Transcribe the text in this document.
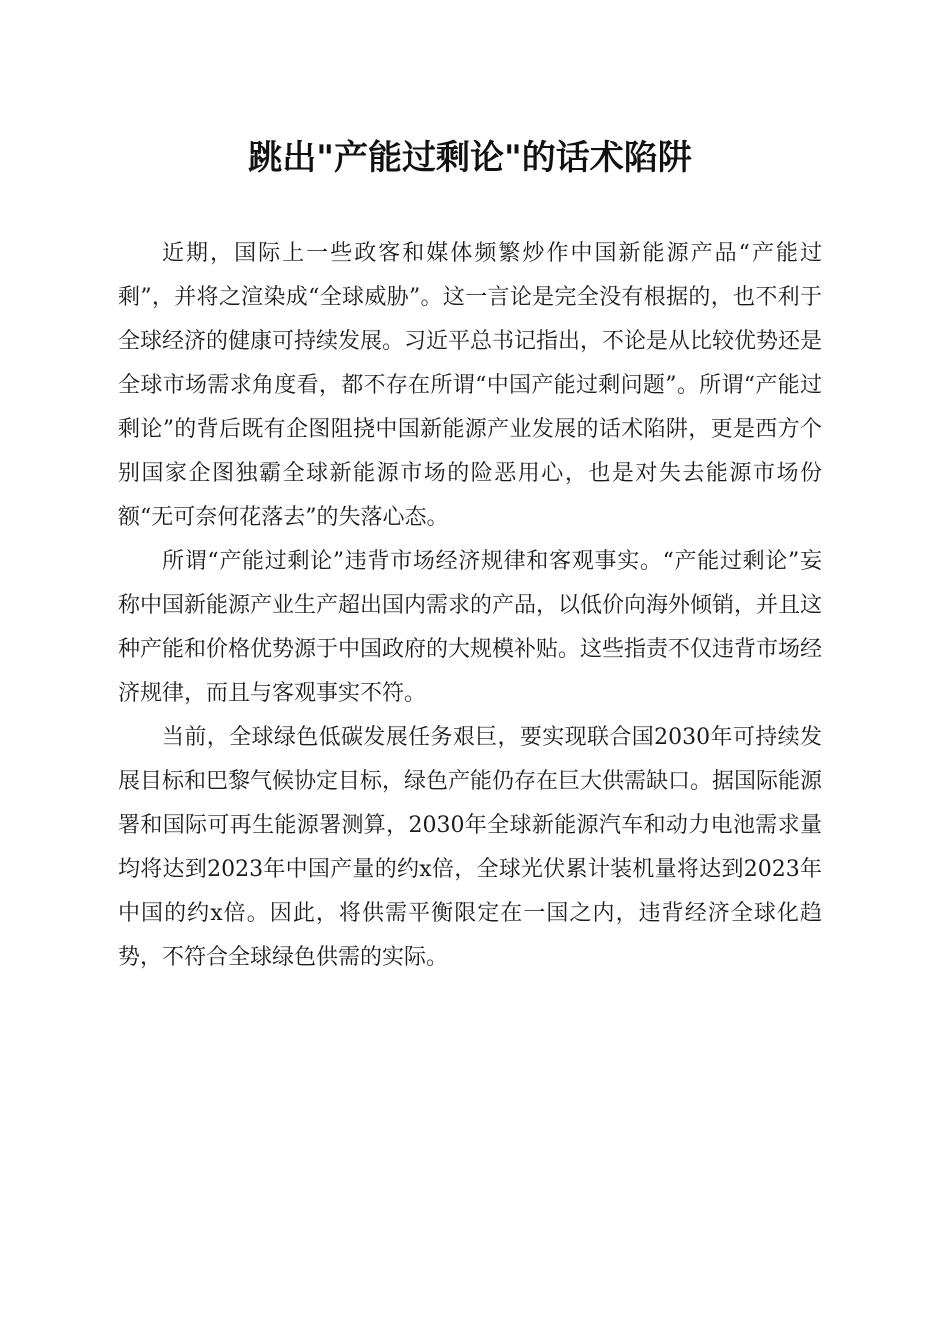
跳出"产能过剩论"的话术陷阱

近期，国际上一些政客和媒体频繁炒作中国新能源产品“产能过剩”，并将之渲染成“全球威胁”。这一言论是完全没有根据的，也不利于全球经济的健康可持续发展。习近平总书记指出，不论是从比较优势还是全球市场需求角度看，都不存在所谓“中国产能过剩问题”。所谓“产能过剩论”的背后既有企图阻挠中国新能源产业发展的话术陷阱，更是西方个别国家企图独霸全球新能源市场的险恶用心，也是对失去能源市场份额“无可奈何花落去”的失落心态。

所谓“产能过剩论”违背市场经济规律和客观事实。“产能过剩论”妄称中国新能源产业生产超出国内需求的产品，以低价向海外倾销，并且这种产能和价格优势源于中国政府的大规模补贴。这些指责不仅违背市场经济规律，而且与客观事实不符。

当前，全球绿色低碳发展任务艰巨，要实现联合国2030年可持续发展目标和巴黎气候协定目标，绿色产能仍存在巨大供需缺口。据国际能源署和国际可再生能源署测算，2030年全球新能源汽车和动力电池需求量均将达到2023年中国产量的约x倍，全球光伏累计装机量将达到2023年中国的约x倍。因此，将供需平衡限定在一国之内，违背经济全球化趋势，不符合全球绿色供需的实际。
